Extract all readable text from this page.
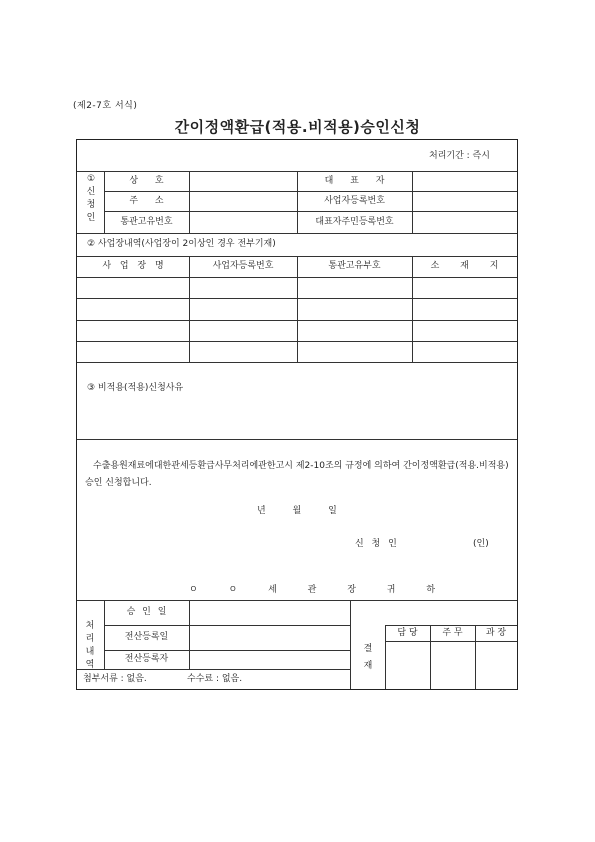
(제2-7호 서식)
간이정액환급(적용.비적용)승인신청
처리기간 : 즉시
①
신
청
인
상 호	대 표 자
주 소	사업자등록번호
통관고유번호	대표자주민등록번호
② 사업장내역(사업장이 2이상인 경우 전부기재)
사 업 장 명	사업자등록번호	통관고유부호	소 재 지
③ 비적용(적용)신청사유
수출용원재료에대한관세등환급사무처리에관한고시 제2-10조의 규정에 의하여 간이정액환급(적용.비적용)승인 신청합니다.
년 월 일
신 청 인	(인)
ㅇ ㅇ 세 관 장 귀 하
처리
내역
승 인 일
전산등록일
전산등록자
결
재
담 당	주 무	과 장
첨부서류 : 없음.	수수료 : 없음.
